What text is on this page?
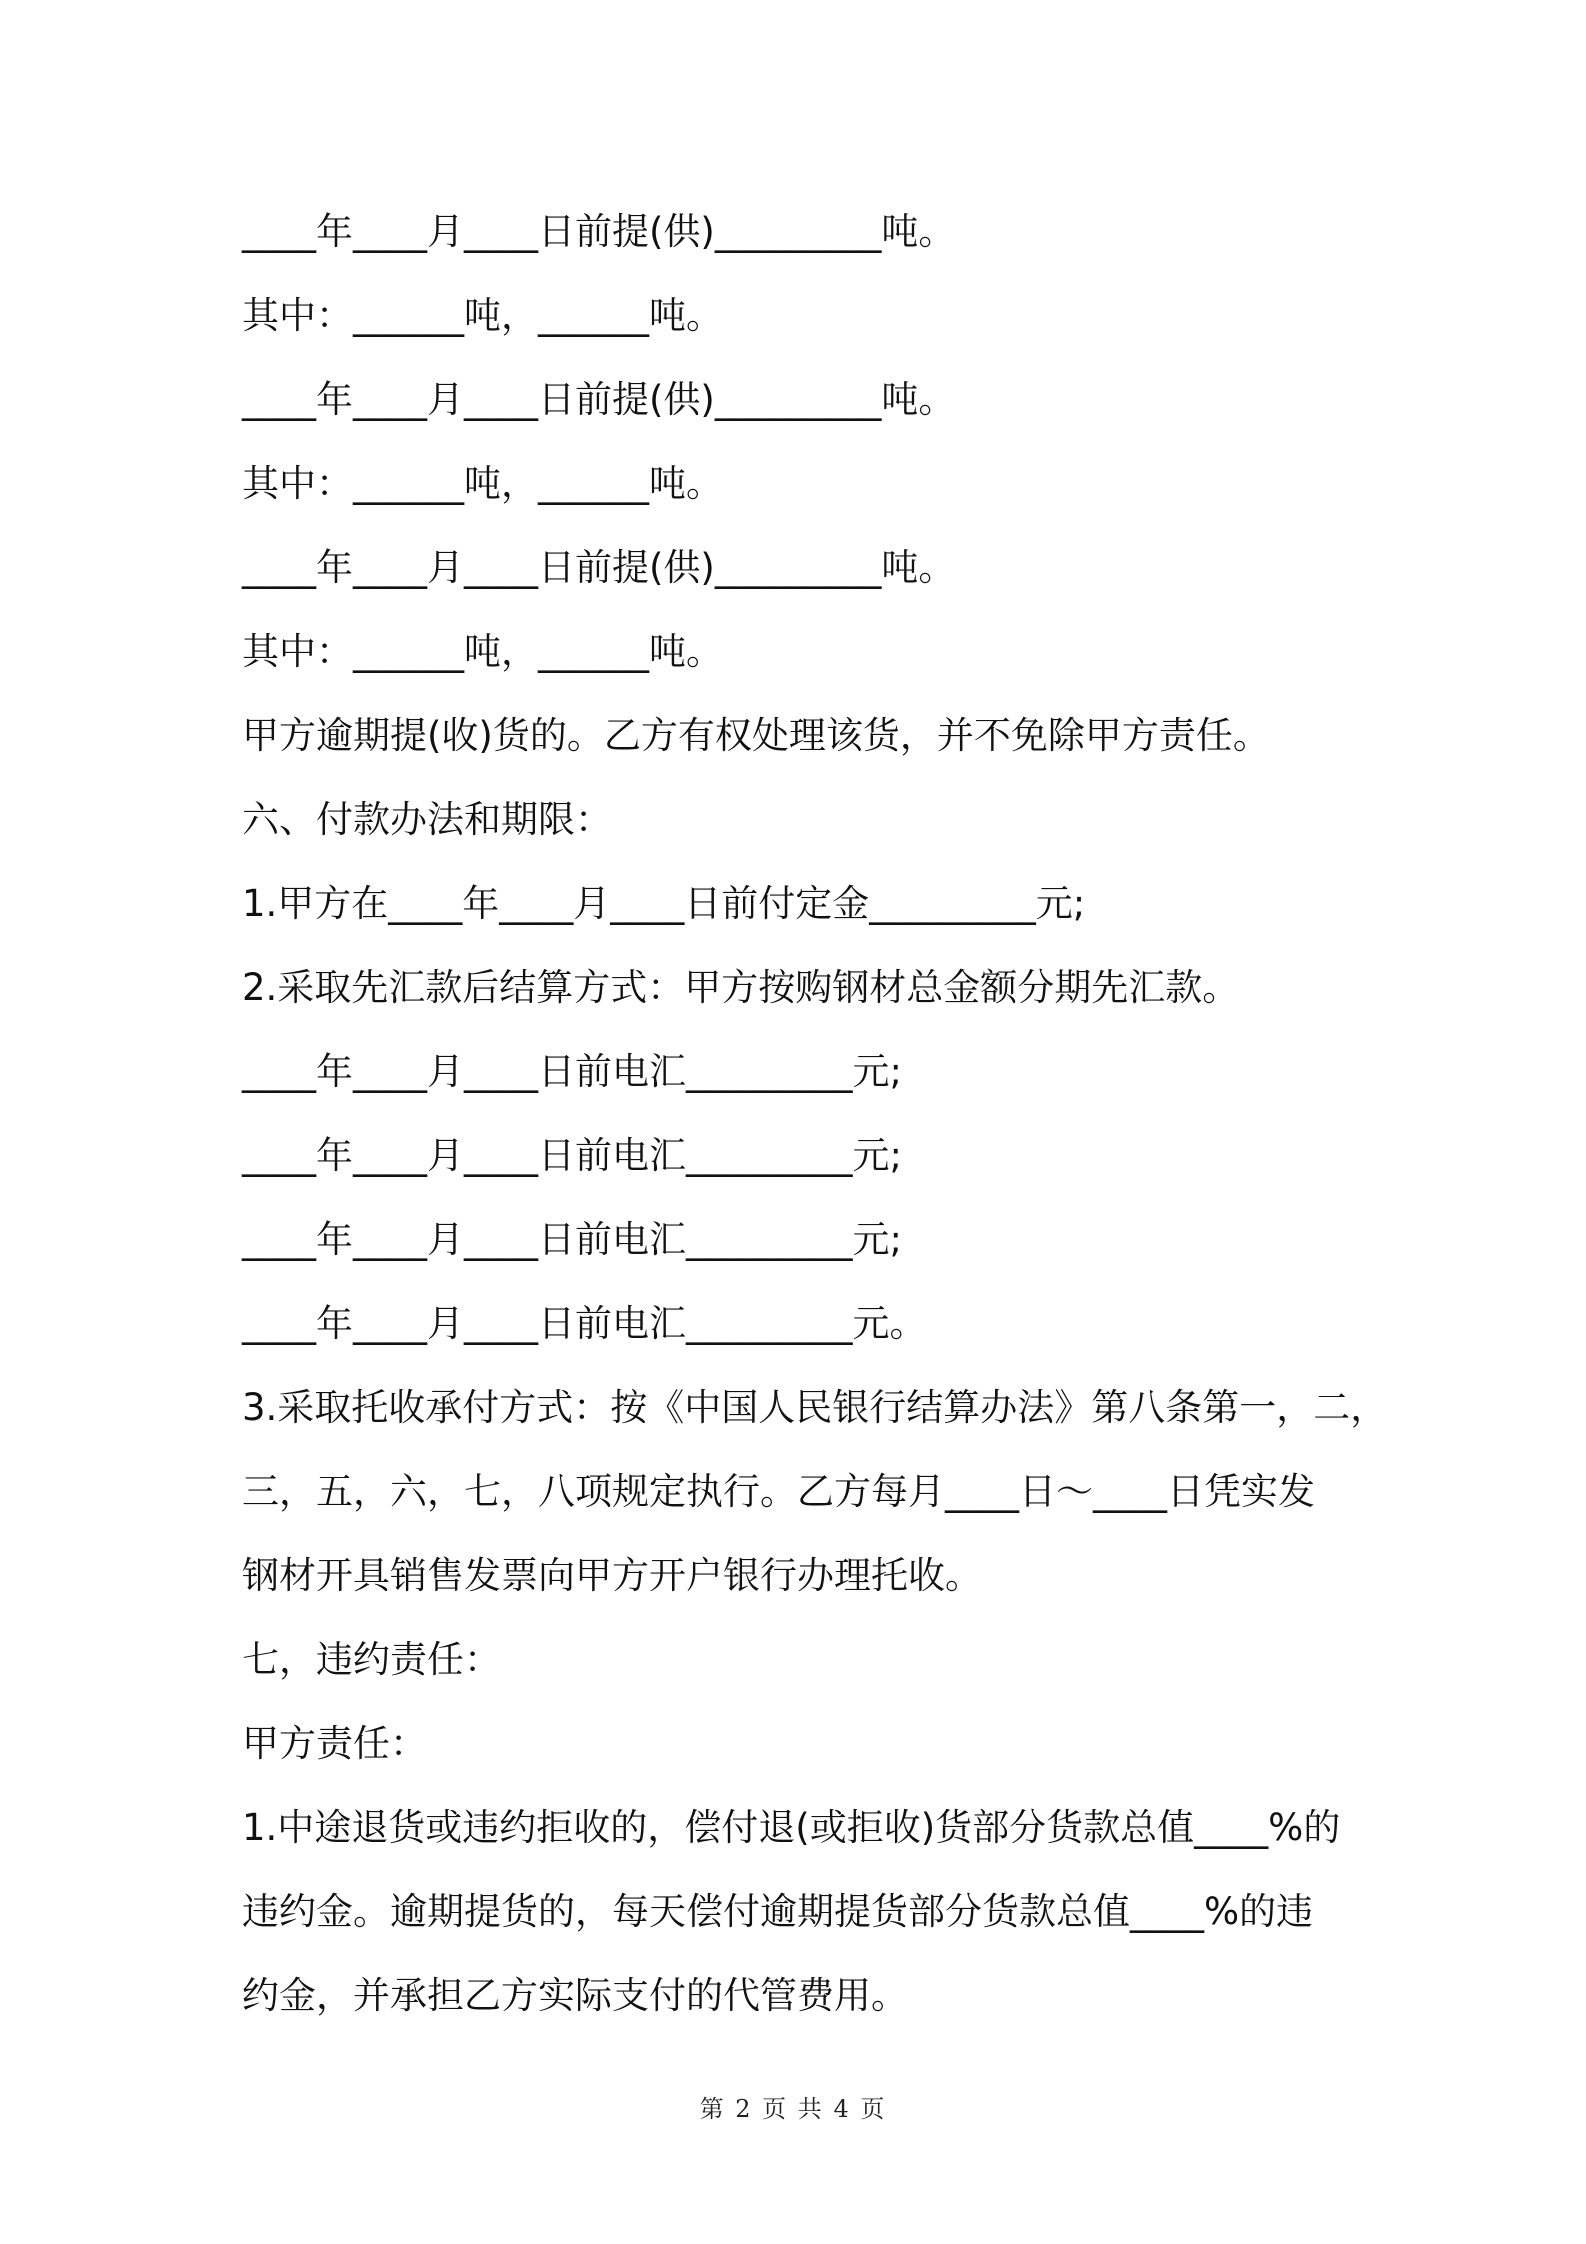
____年____月____日前提(供)_________吨。
其中：______吨，______吨。
____年____月____日前提(供)_________吨。
其中：______吨，______吨。
____年____月____日前提(供)_________吨。
其中：______吨，______吨。
甲方逾期提(收)货的。乙方有权处理该货，并不免除甲方责任。
六、付款办法和期限：
1.甲方在____年____月____日前付定金_________元;
2.采取先汇款后结算方式：甲方按购钢材总金额分期先汇款。
____年____月____日前电汇_________元;
____年____月____日前电汇_________元;
____年____月____日前电汇_________元;
____年____月____日前电汇_________元。
3.采取托收承付方式：按《中国人民银行结算办法》第八条第一，二，
三，五，六，七，八项规定执行。乙方每月____日～____日凭实发
钢材开具销售发票向甲方开户银行办理托收。
七，违约责任：
甲方责任：
1.中途退货或违约拒收的，偿付退(或拒收)货部分货款总值____%的
违约金。逾期提货的，每天偿付逾期提货部分货款总值____%的违
约金，并承担乙方实际支付的代管费用。
第 2 页 共 4 页
